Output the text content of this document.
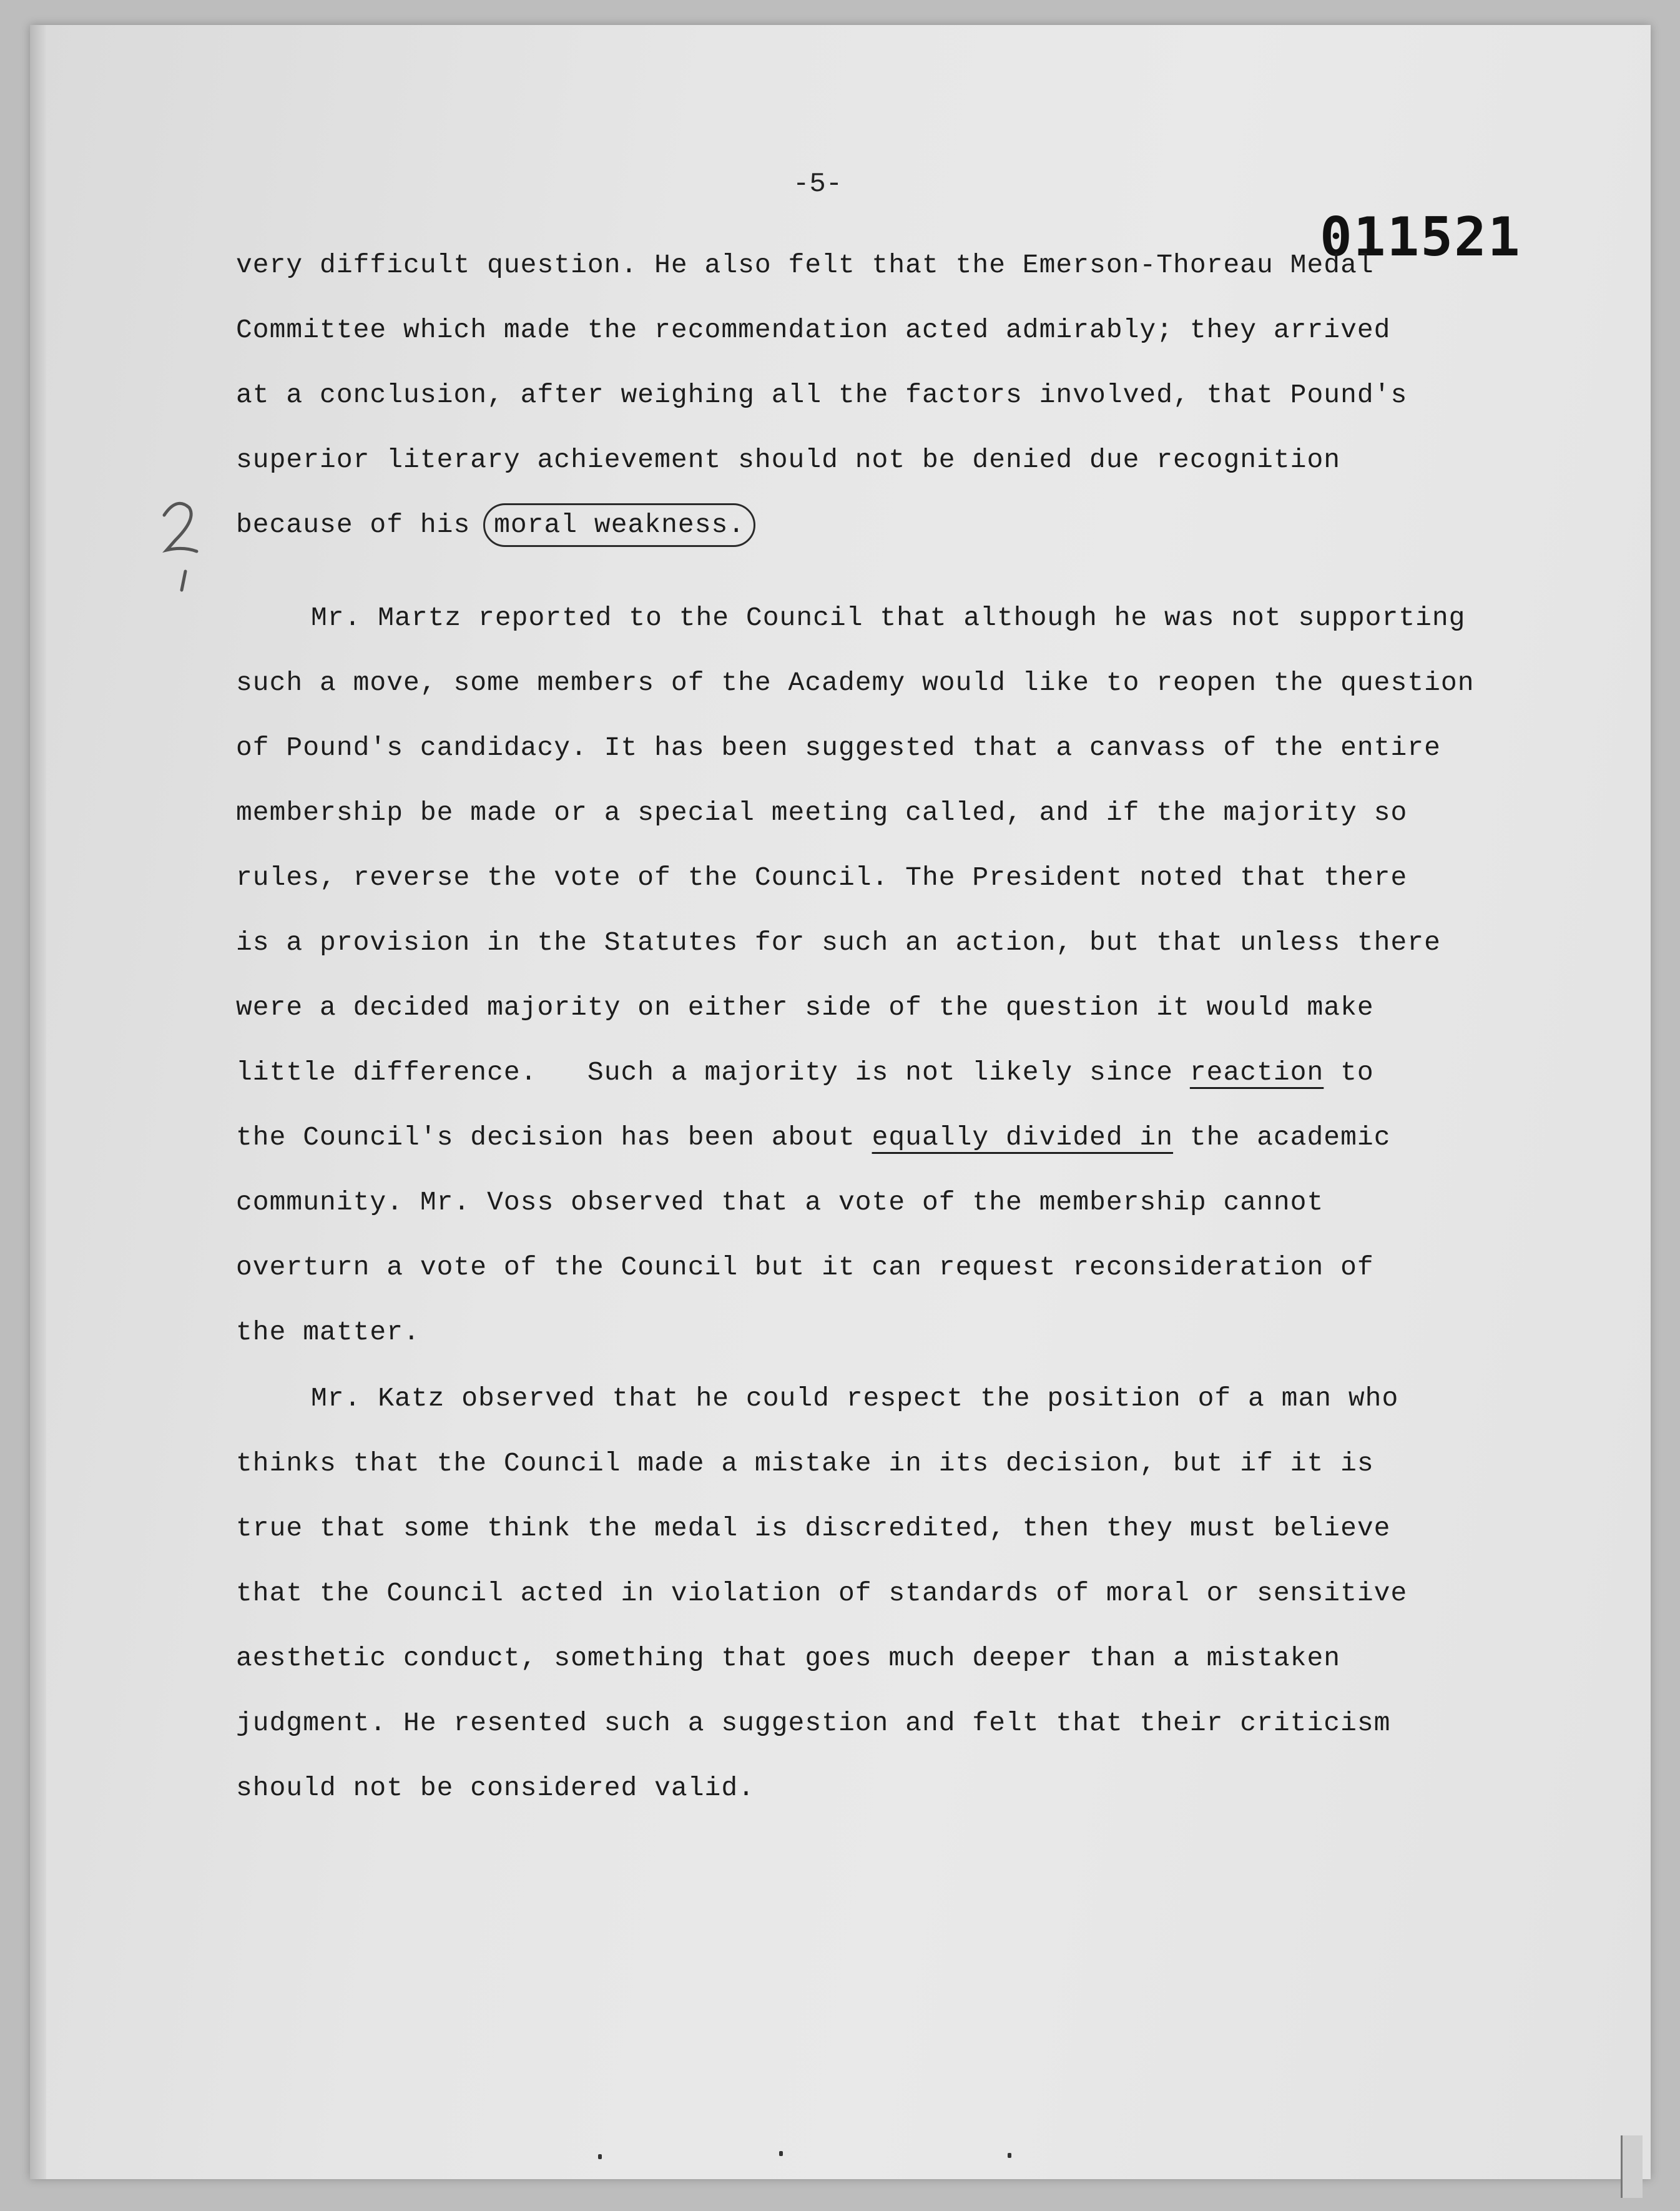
-5-
011521
very difficult question. He also felt that the Emerson-Thoreau Medal
Committee which made the recommendation acted admirably; they arrived
at a conclusion, after weighing all the factors involved, that Pound's
superior literary achievement should not be denied due recognition
because of his moral weakness.
Mr. Martz reported to the Council that although he was not supporting
such a move, some members of the Academy would like to reopen the question
of Pound's candidacy. It has been suggested that a canvass of the entire
membership be made or a special meeting called, and if the majority so
rules, reverse the vote of the Council. The President noted that there
is a provision in the Statutes for such an action, but that unless there
were a decided majority on either side of the question it would make
little difference.   Such a majority is not likely since reaction to
the Council's decision has been about equally divided in the academic
community. Mr. Voss observed that a vote of the membership cannot
overturn a vote of the Council but it can request reconsideration of
the matter.
Mr. Katz observed that he could respect the position of a man who
thinks that the Council made a mistake in its decision, but if it is
true that some think the medal is discredited, then they must believe
that the Council acted in violation of standards of moral or sensitive
aesthetic conduct, something that goes much deeper than a mistaken
judgment. He resented such a suggestion and felt that their criticism
should not be considered valid.
